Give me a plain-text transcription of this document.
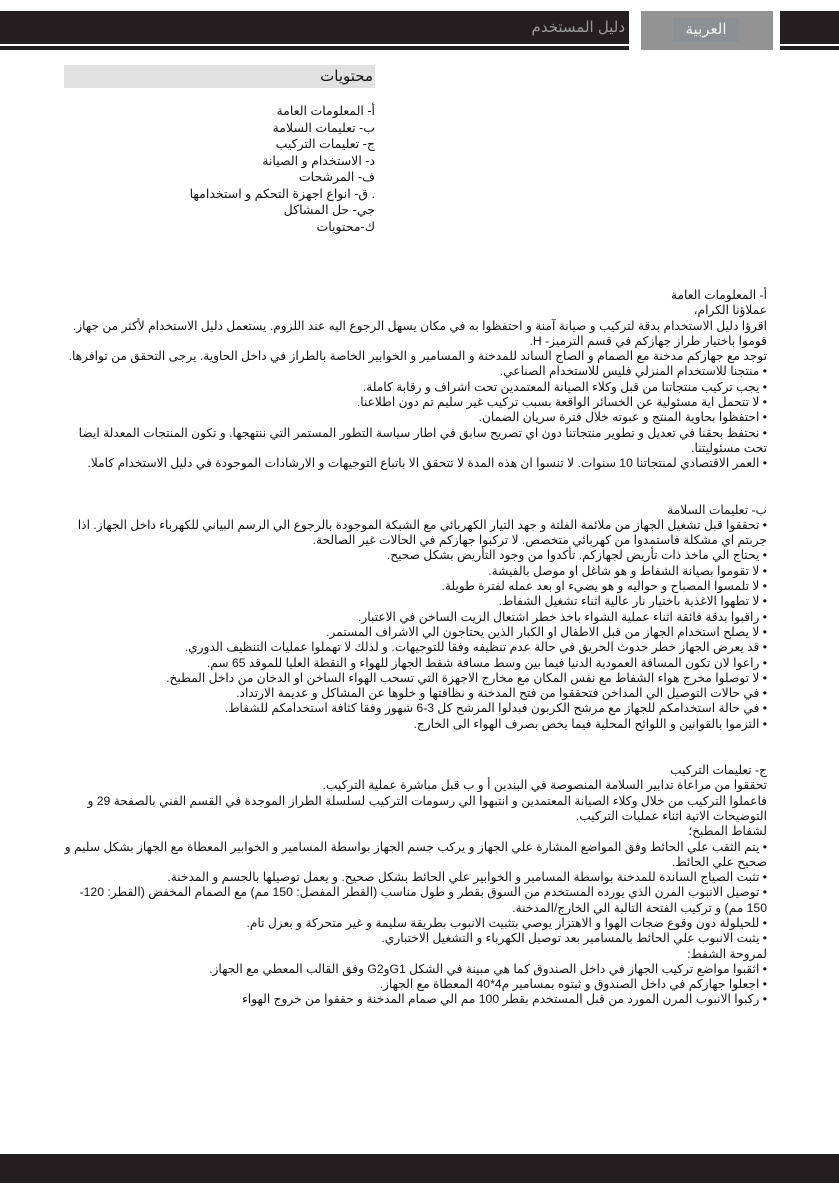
دليل المستخدم	العربية
محتويات
أ- المعلومات العامة
ب- تعليمات السلامة
ج- تعليمات التركيب
د- الاستخدام و الصيانة
ف- المرشحات
. ق- انواع اجهزة التحكم و استخدامها
جي- حل المشاكل
ك-محتويات
أ- المعلومات العامة
عملاؤنا الكرام،
اقرؤا دليل الاستخدام بدقة لتركيب و صيانة آمنة و احتفظوا به في مكان يسهل الرجوع اليه عند اللزوم. يستعمل دليل الاستخدام لأكثر من جهاز. قوموا باختيار طراز جهازكم في قسم الترميز- H.
توجد مع جهازكم مدخنة مع الصمام و الصاج الساند للمدخنة و المسامير و الخوابير الخاصة بالطراز في داخل الحاوية. يرجى التحقق من توافرها.
• منتجنا للاستخدام المنزلي فليس للاستخدام الصناعي.
• يجب تركيب منتجاتنا من قبل وكلاء الصيانة المعتمدين تحت اشراف و رقابة كاملة.
• لا تتحمل اية مسئولية عن الخسائر الواقعة بسبب تركيب غير سليم تم دون اطلاعنا.
• احتفظوا بحاوية المنتج و عبوته خلال فترة سريان الضمان.
• نحتفظ بحقنا في تعديل و تطوير منتجاتنا دون اي تصريح سابق في اطار سياسة التطور المستمر التي ننتهجها. و تكون المنتجات المعدلة ايضا تحت مسئوليتنا.
• العمر الاقتصادي لمنتجاتنا 10 سنوات. لا تنسوا ان هذه المدة لا تتحقق الا باتباع التوجيهات و الارشادات الموجودة في دليل الاستخدام كاملا.
ب- تعليمات السلامة
• تحققوا قبل تشغيل الجهاز من ملائمة الفلتة و جهد التيار الكهربائي مع الشبكة الموجودة بالرجوع الي الرسم البياني للكهرباء داخل الجهاز. اذا جربتم اي مشكلة فاستمدوا من كهربائي متخصص. لا تركبوا جهازكم في الحالات غير الصالحة.
• يحتاج الي ماخذ ذات تأريض لجهازكم. تأكدوا من وجود التأريض بشكل صحيح.
• لا تقوموا بصيانة الشفاط و هو شاغل او موصل بالفيشة.
• لا تلمسوا المصباح و حواليه و هو يضيء او بعد عمله لفترة طويلة.
• لا تطهوا الاغذية باختيار نار عالية اثناء تشغيل الشفاط.
• راقبوا بدقة فائقة اثناء عملية الشواء باخذ خطر اشتعال الزيت الساخن في الاعتبار.
• لا يصلح استخدام الجهاز من قبل الاطفال او الكبار الذين يحتاجون الي الاشراف المستمر.
• قد يعرض الجهاز خطر حدوث الحريق في حالة عدم تنظيفه وفقا للتوجيهات. و لذلك لا تهملوا عمليات التنظيف الدوري.
• راعوا لان تكون المسافة العمودية الدنيا فيما بين وسط مسافة شفط الجهاز للهواء و النقطة العليا للموقد 65 سم.
• لا توصلوا مخرج هواء الشفاط مع نفس المكان مع مخارج الاجهزة التي تسحب الهواء الساخن او الدخان من داخل المطبخ.
• في حالات التوصيل الي المداخن فتحققوا من فتح المدخنة و نظافتها و خلوها عن المشاكل و عديمة الارتداد.
• في حالة استخدامكم للجهاز مع مرشح الكربون فبدلوا المرشح كل 3-6 شهور وفقا كثافة استخدامكم للشفاط.
• التزموا بالقوانين و اللوائح المحلية فيما يخص بصرف الهواء الى الخارج.
ج- تعليمات التركيب
تحققوا من مراعاة تدابير السلامة المنصوصة في البندين أ و ب قبل مباشرة عملية التركيب.
فاعملوا التركيب من خلال وكلاء الصيانة المعتمدين و انتبهوا الي رسومات التركيب لسلسلة الطراز الموجدة في القسم الفني بالصفحة 29 و التوضيحات الاتية اثناء عمليات التركيب.
لشفاط المطبخ؛
• يتم الثقب علي الحائط وفق المواضع المشارة علي الجهاز و يركب جسم الجهاز بواسطة المسامير و الخوابير المعطاة مع الجهاز بشكل سليم و صحيح علي الحائط.
• تثبت الصياج الساندة للمدخنة بواسطة المسامير و الخوابير علي الحائط بشكل صحيح. و يعمل توصيلها بالجسم و المدخنة.
• توصيل الانبوب المرن الذي يورده المستخدم من السوق بقطر و طول مناسب (القطر المفضل: 150 مم) مع الصمام المخفض (القطر: 120-150 مم) و تركيب الفتحة التالية الي الخارج/المدخنة.
• للحيلولة دون وقوع ضجات الهوا و الاهتزاز يوصي بتثبيت الانبوب بطريقة سليمة و غير متحركة و بعزل تام.
• يثبت الانبوب علي الحائط بالمسامير بعد توصيل الكهرباء و التشغيل الاختباري.
لمروحة الشفط:
• اثقبوا مواضع تركيب الجهاز في داخل الصندوق كما هي مبينة في الشكل G1وG2 وفق القالب المعطي مع الجهاز.
• اجعلوا جهازكم في داخل الصندوق و ثبتوه بمسامير م4*40 المعطاة مع الجهاز.
• ركبوا الانبوب المرن المورد من قبل المستخدم بقطر 100 مم الي صمام المدخنة و حققوا من خروج الهواء
